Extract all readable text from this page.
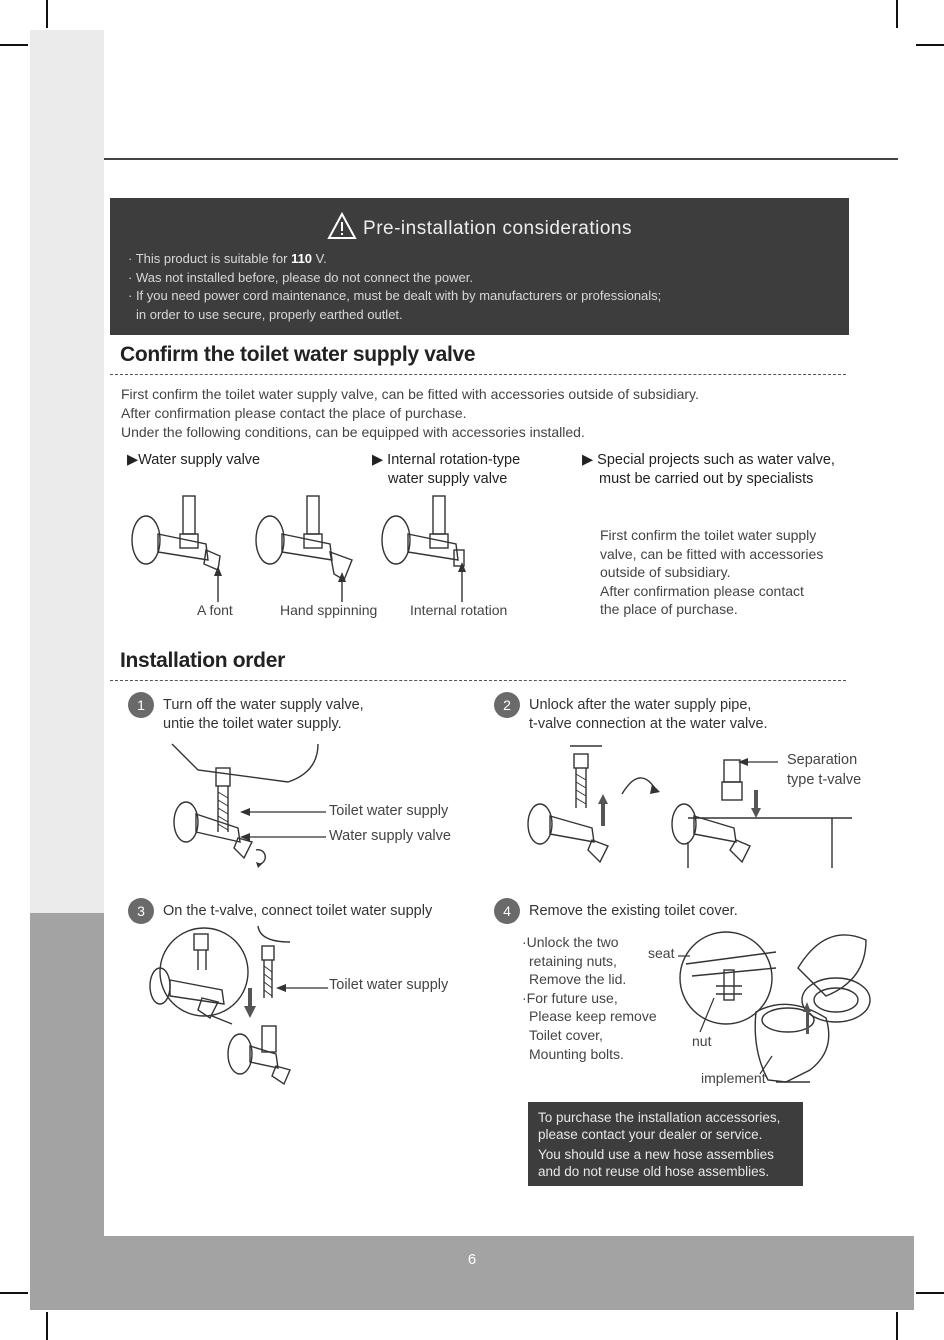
6
Pre-installation considerations
· This product is suitable for 110 V.
· Was not installed before, please do not connect the power.
· If you need power cord maintenance, must be dealt with by manufacturers or professionals;
in order to use secure, properly earthed outlet.
Confirm the toilet water supply valve
First confirm the toilet water supply valve, can be fitted with accessories outside of subsidiary.
After confirmation please contact the place of purchase.
Under the following conditions, can be equipped with accessories installed.
▶Water supply valve	▶ Internal rotation-type
water supply valve
▶ Special projects such as water valve,
must be carried out by specialists
A font	Hand sppinning Internal rotation
First confirm the toilet water supply
valve, can be fitted with accessories
outside of subsidiary.
After confirmation please contact
the place of purchase.
Installation order
1	Turn off the water supply valve,
untie the toilet water supply.
Toilet water supply
Water supply valve
2	Unlock after the water supply pipe,
t-valve connection at the water valve.
Separation
type t-valve
3	On the t-valve, connect toilet water supply
Toilet water supply
4	Remove the existing toilet cover.
·Unlock the two
retaining nuts,
Remove the lid.
·For future use,
Please keep remove
Toilet cover,
Mounting bolts.
seat
nut
implement
To purchase the installation accessories,
please contact your dealer or service.
You should use a new hose assemblies
and do not reuse old hose assemblies.
